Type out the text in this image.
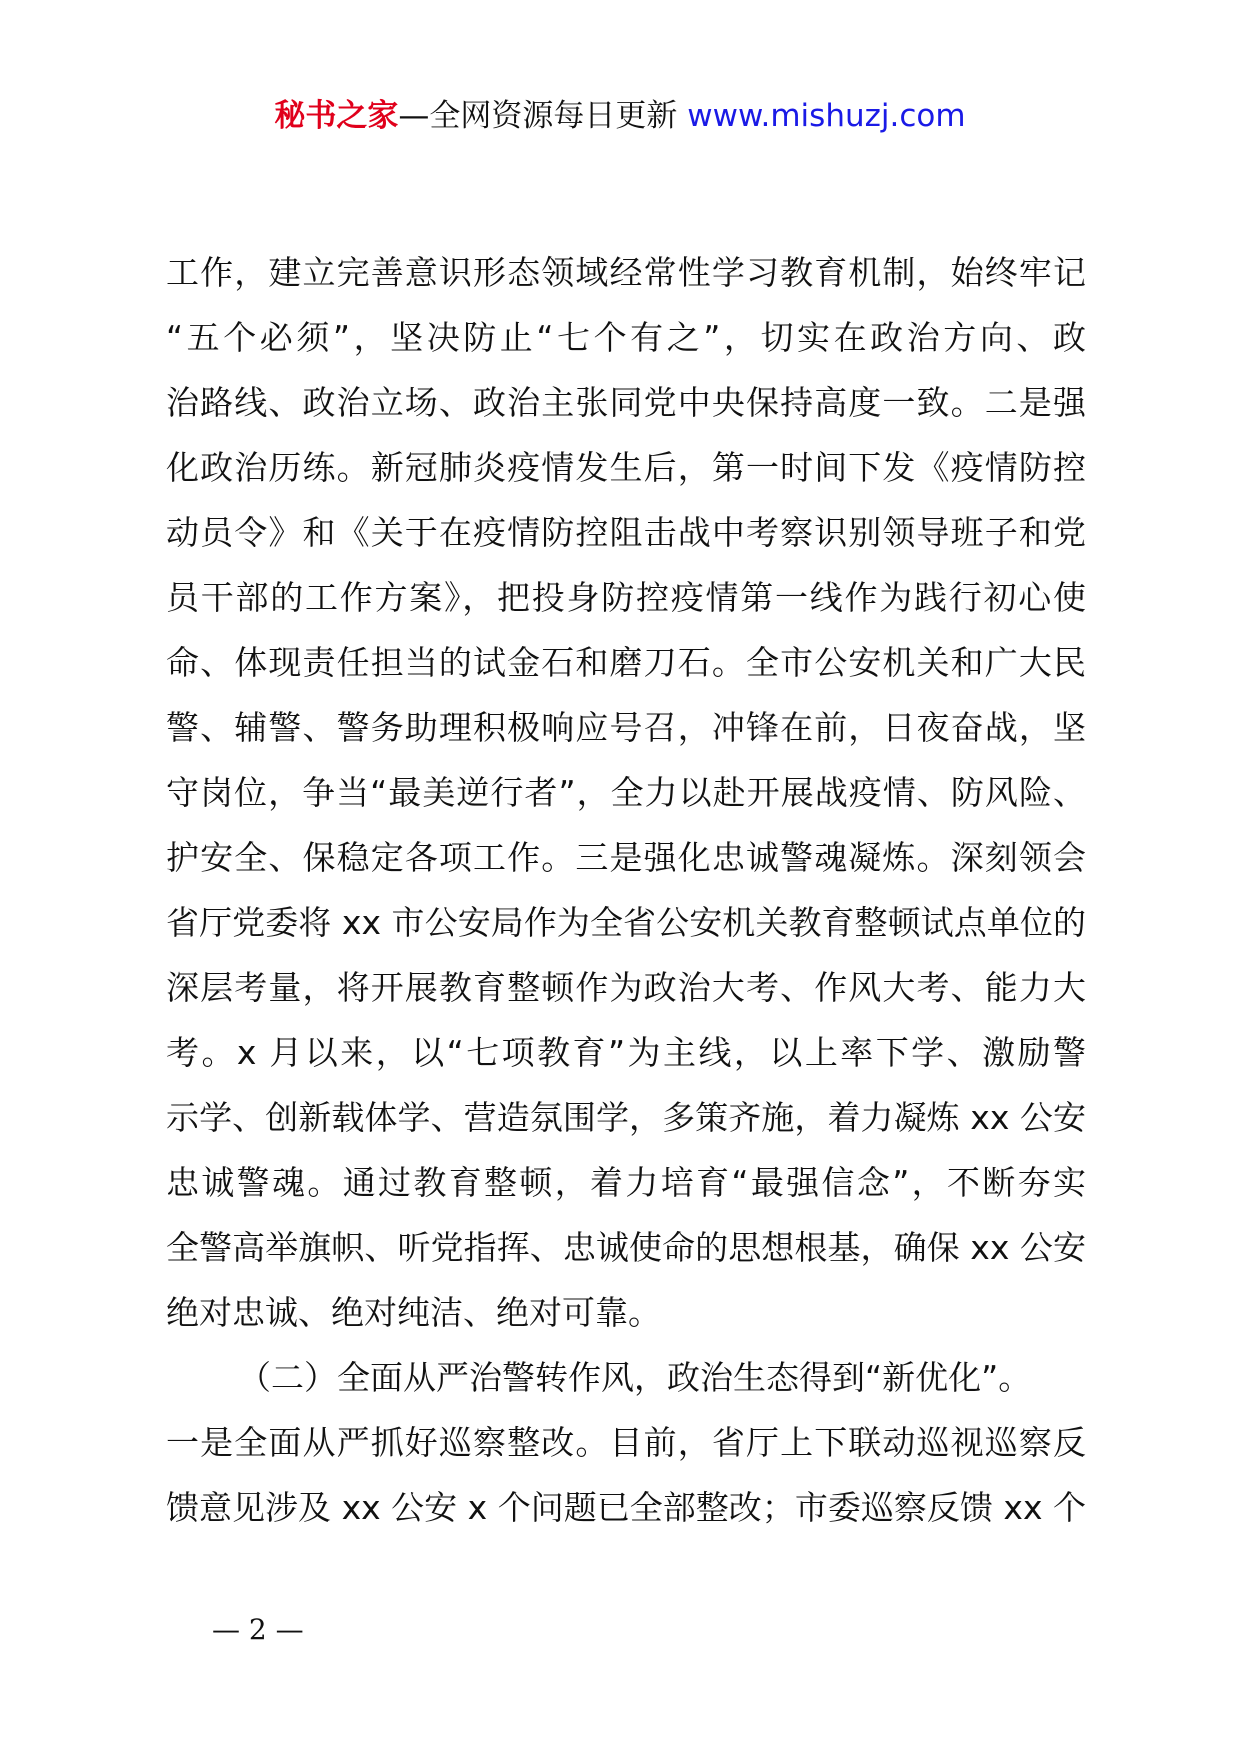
秘书之家—全网资源每日更新 www.mishuzj.com
工作，建立完善意识形态领域经常性学习教育机制，始终牢记
“五个必须”，坚决防止“七个有之”，切实在政治方向、政
治路线、政治立场、政治主张同党中央保持高度一致。二是强
化政治历练。新冠肺炎疫情发生后，第一时间下发《疫情防控
动员令》和《关于在疫情防控阻击战中考察识别领导班子和党
员干部的工作方案》，把投身防控疫情第一线作为践行初心使
命、体现责任担当的试金石和磨刀石。全市公安机关和广大民
警、辅警、警务助理积极响应号召，冲锋在前，日夜奋战，坚
守岗位，争当“最美逆行者”，全力以赴开展战疫情、防风险、
护安全、保稳定各项工作。三是强化忠诚警魂凝炼。深刻领会
省厅党委将 xx 市公安局作为全省公安机关教育整顿试点单位的
深层考量，将开展教育整顿作为政治大考、作风大考、能力大
考。x 月以来，以“七项教育”为主线，以上率下学、激励警
示学、创新载体学、营造氛围学，多策齐施，着力凝炼 xx 公安
忠诚警魂。通过教育整顿，着力培育“最强信念”，不断夯实
全警高举旗帜、听党指挥、忠诚使命的思想根基，确保 xx 公安
绝对忠诚、绝对纯洁、绝对可靠。
（二）全面从严治警转作风，政治生态得到“新优化”。
一是全面从严抓好巡察整改。目前，省厅上下联动巡视巡察反
馈意见涉及 xx 公安 x 个问题已全部整改；市委巡察反馈 xx 个
— 2 —
